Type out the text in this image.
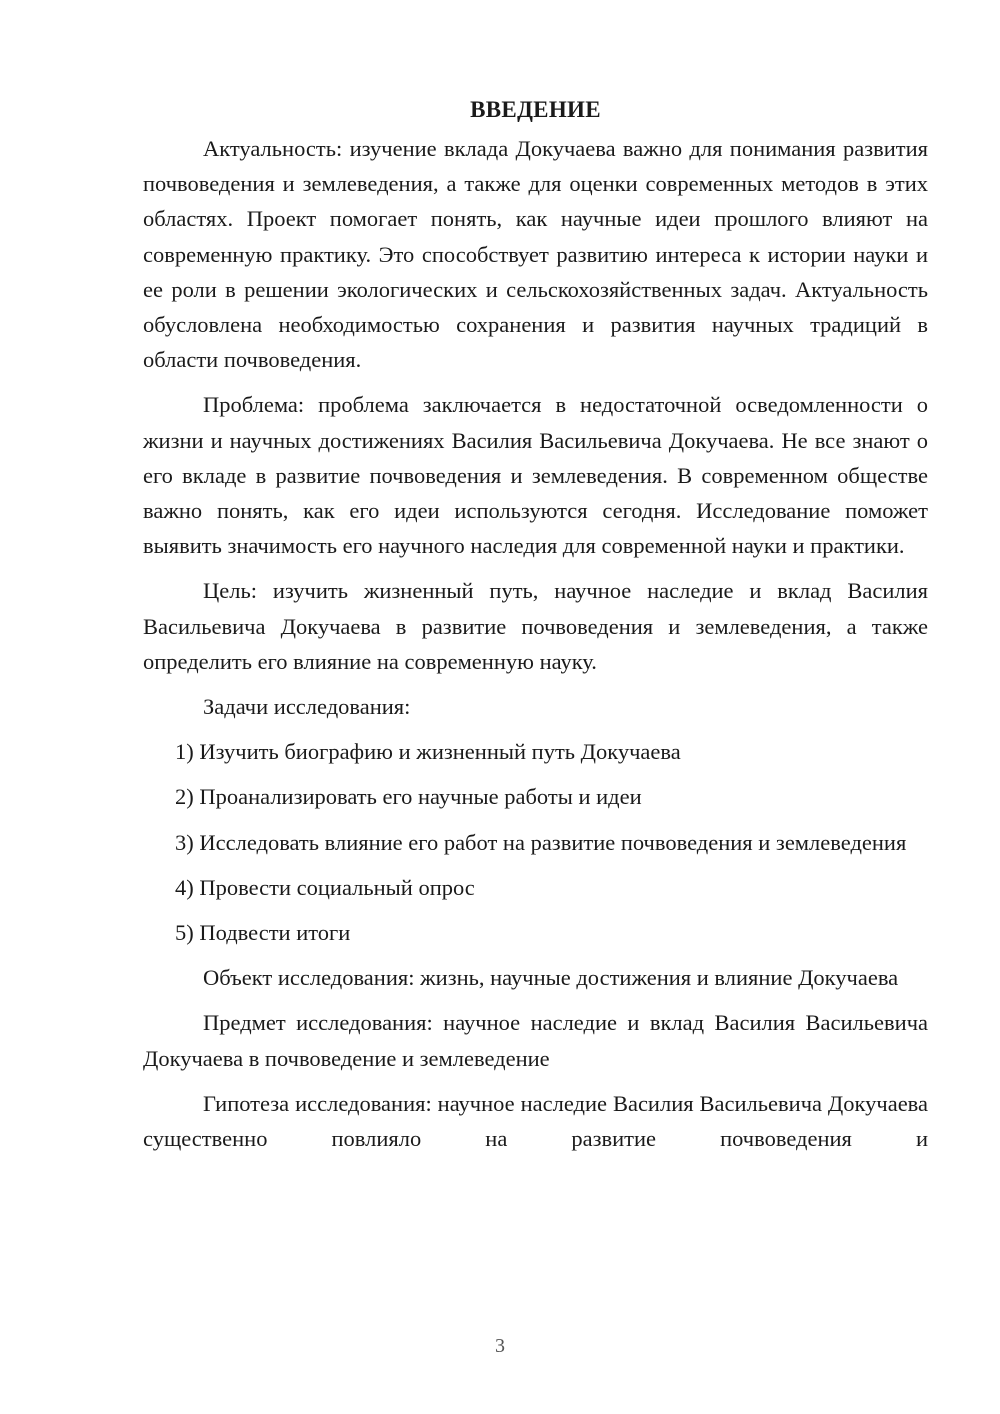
ВВЕДЕНИЕ

Актуальность: изучение вклада Докучаева важно для понимания развития почвоведения и землеведения, а также для оценки современных методов в этих областях. Проект помогает понять, как научные идеи прошлого влияют на современную практику. Это способствует развитию интереса к истории науки и ее роли в решении экологических и сельскохозяйственных задач. Актуальность обусловлена необходимостью сохранения и развития научных традиций в области почвоведения.

Проблема: проблема заключается в недостаточной осведомленности о жизни и научных достижениях Василия Васильевича Докучаева. Не все знают о его вкладе в развитие почвоведения и землеведения. В современном обществе важно понять, как его идеи используются сегодня. Исследование поможет выявить значимость его научного наследия для современной науки и практики.

Цель: изучить жизненный путь, научное наследие и вклад Василия Васильевича Докучаева в развитие почвоведения и землеведения, а также определить его влияние на современную науку.

Задачи исследования:

1) Изучить биографию и жизненный путь Докучаева

2) Проанализировать его научные работы и идеи

3) Исследовать влияние его работ на развитие почвоведения и землеведения

4) Провести социальный опрос

5) Подвести итоги

Объект исследования: жизнь, научные достижения и влияние Докучаева

Предмет исследования: научное наследие и вклад Василия Васильевича Докучаева в почвоведение и землеведение

Гипотеза исследования: научное наследие Василия Васильевича Докучаева существенно повлияло на развитие почвоведения и

3
